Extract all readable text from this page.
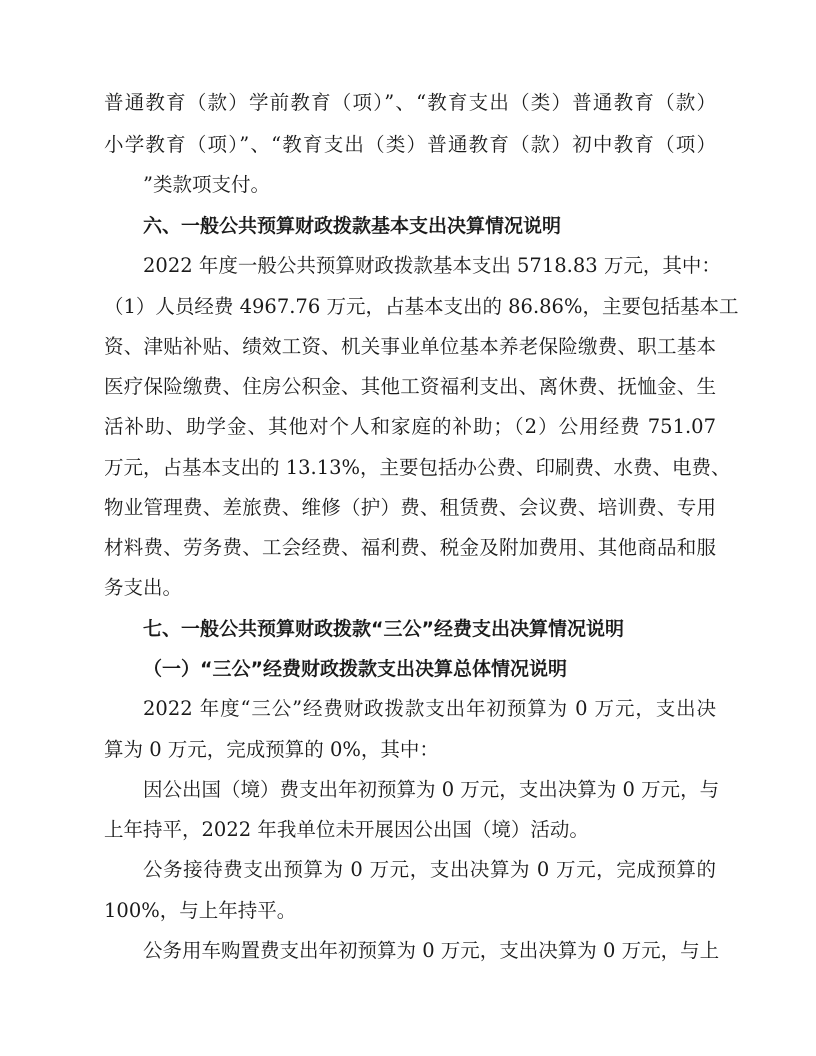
普通教育（款）学前教育（项）”、“教育支出（类）普通教育（款）
小学教育（项）”、“教育支出（类）普通教育（款）初中教育（项）
”类款项支付。
六、一般公共预算财政拨款基本支出决算情况说明
2022 年度一般公共预算财政拨款基本支出 5718.83 万元，其中：
（1）人员经费 4967.76 万元，占基本支出的 86.86%，主要包括基本工
资、津贴补贴、绩效工资、机关事业单位基本养老保险缴费、职工基本
医疗保险缴费、住房公积金、其他工资福利支出、离休费、抚恤金、生
活补助、助学金、其他对个人和家庭的补助；（2）公用经费 751.07
万元，占基本支出的 13.13%，主要包括办公费、印刷费、水费、电费、
物业管理费、差旅费、维修（护）费、租赁费、会议费、培训费、专用
材料费、劳务费、工会经费、福利费、税金及附加费用、其他商品和服
务支出。
七、一般公共预算财政拨款“三公”经费支出决算情况说明
（一）“三公”经费财政拨款支出决算总体情况说明
2022 年度“三公”经费财政拨款支出年初预算为 0 万元，支出决
算为 0 万元，完成预算的 0%，其中：
因公出国（境）费支出年初预算为 0 万元，支出决算为 0 万元，与
上年持平，2022 年我单位未开展因公出国（境）活动。
公务接待费支出预算为 0 万元，支出决算为 0 万元，完成预算的
100%，与上年持平。
公务用车购置费支出年初预算为 0 万元，支出决算为 0 万元，与上
